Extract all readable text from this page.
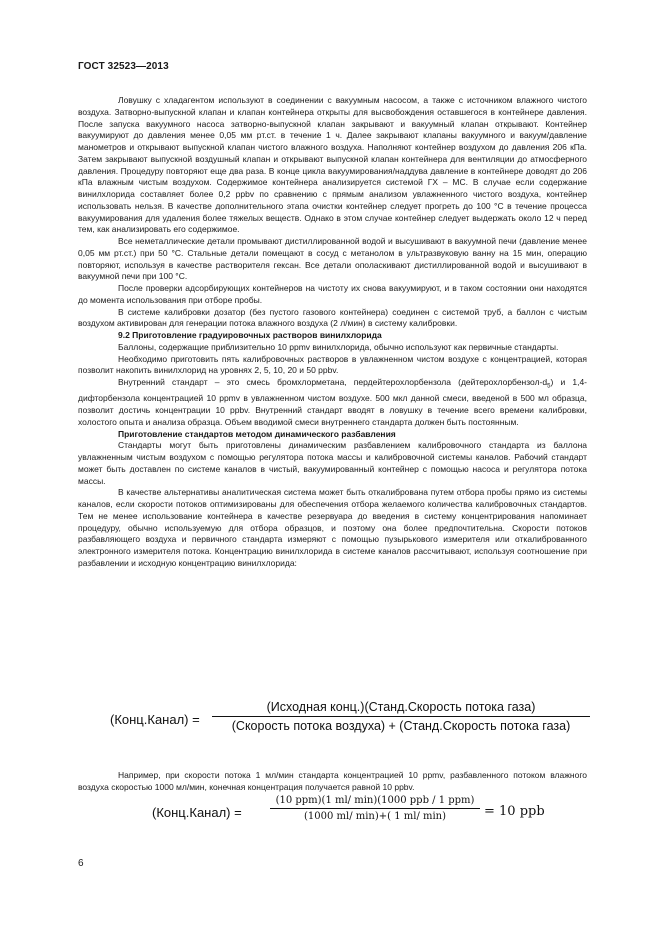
ГОСТ 32523—2013

Ловушку с хладагентом используют в соединении с вакуумным насосом, а также с источником влажного чистого воздуха. Затворно-выпускной клапан и клапан контейнера открыты для высвобождения оставшегося в контейнере давления. После запуска вакуумного насоса затворно-выпускной клапан закрывают и вакуумный клапан открывают. Контейнер вакуумируют до давления менее 0,05 мм рт.ст. в течение 1 ч. Далее закрывают клапаны вакуумного и вакуум/давление манометров и открывают выпускной клапан чистого влажного воздуха. Наполняют контейнер воздухом до давления 206 кПа. Затем закрывают выпускной воздушный клапан и открывают выпускной клапан контейнера для вентиляции до атмосферного давления. Процедуру повторяют еще два раза. В конце цикла вакуумирования/наддува давление в контейнере доводят до 206 кПа влажным чистым воздухом. Содержимое контейнера анализируется системой ГХ – МС. В случае если содержание винилхлорида составляет более 0,2 ppbv по сравнению с прямым анализом увлажненного чистого воздуха, контейнер использовать нельзя. В качестве дополнительного этапа очистки контейнер следует прогреть до 100 °С в течение процесса вакуумирования для удаления более тяжелых веществ. Однако в этом случае контейнер следует выдержать около 12 ч перед тем, как анализировать его содержимое.

Все неметаллические детали промывают дистиллированной водой и высушивают в вакуумной печи (давление менее 0,05 мм рт.ст.) при 50 °С. Стальные детали помещают в сосуд с метанолом в ультразвуковую ванну на 15 мин, операцию повторяют, используя в качестве растворителя гексан. Все детали ополаскивают дистиллированной водой и высушивают в вакуумной печи при 100 °С.

После проверки адсорбирующих контейнеров на чистоту их снова вакуумируют, и в таком состоянии они находятся до момента использования при отборе пробы.

В системе калибровки дозатор (без пустого газового контейнера) соединен с системой труб, а баллон с чистым воздухом активирован для генерации потока влажного воздуха (2 л/мин) в систему калибровки.

9.2 Приготовление градуировочных растворов винилхлорида

Баллоны, содержащие приблизительно 10 ppmv винилхлорида, обычно используют как первичные стандарты.

Необходимо приготовить пять калибровочных растворов в увлажненном чистом воздухе с концентрацией, которая позволит накопить винилхлорид на уровнях 2, 5, 10, 20 и 50 ppbv.

Внутренний стандарт – это смесь бромхлорметана, пердейтерохлорбензола $(дейтерохлорбензол-d_5)$ и 1,4-дифторбензола концентрацией 10 ppmv в увлажненном чистом воздухе. 500 мкл данной смеси, введеной в 500 мл образца, позволит достичь концентрации 10 ppbv. Внутренний стандарт вводят в ловушку в течение всего времени калибровки, холостого опыта и анализа образца. Объем вводимой смеси внутреннего стандарта должен быть постоянным.

Приготовление стандартов методом динамического разбавления

Стандарты могут быть приготовлены динамическим разбавлением калибровочного стандарта из баллона увлажненным чистым воздухом с помощью регулятора потока массы и калибровочной системы каналов. Рабочий стандарт может быть доставлен по системе каналов в чистый, вакуумированный контейнер с помощью насоса и регулятора потока массы.

В качестве альтернативы аналитическая система может быть откалибрована путем отбора пробы прямо из системы каналов, если скорости потоков оптимизированы для обеспечения отбора желаемого количества калибровочных стандартов. Тем не менее использование контейнера в качестве резервуара до введения в систему концентрирования напоминает процедуру, обычно используемую для отбора образцов, и поэтому она более предпочтительна. Скорости потоков разбавляющего воздуха и первичного стандарта измеряют с помощью пузырькового измерителя или откалиброванного электронного измерителя потока. Концентрацию винилхлорида в системе каналов рассчитывают, используя соотношение при разбавлении и исходную концентрацию винилхлорида:

(Конц.Канал) =
(Исходная конц.)(Станд.Скорость потока газа)
(Скорость потока воздуха) + (Станд.Скорость потока газа)

Например, при скорости потока 1 мл/мин стандарта концентрацией 10 ppmv, разбавленного потоком влажного воздуха скоростью 1000 мл/мин, конечная концентрация получается равной 10 ppbv.

(Конц.Канал) =
(10 ppm)(1 ml/ min)(1000 ppb / 1 ppm)
(1000 ml/ min)+( 1 ml/ min)	= 10 ppb
6
